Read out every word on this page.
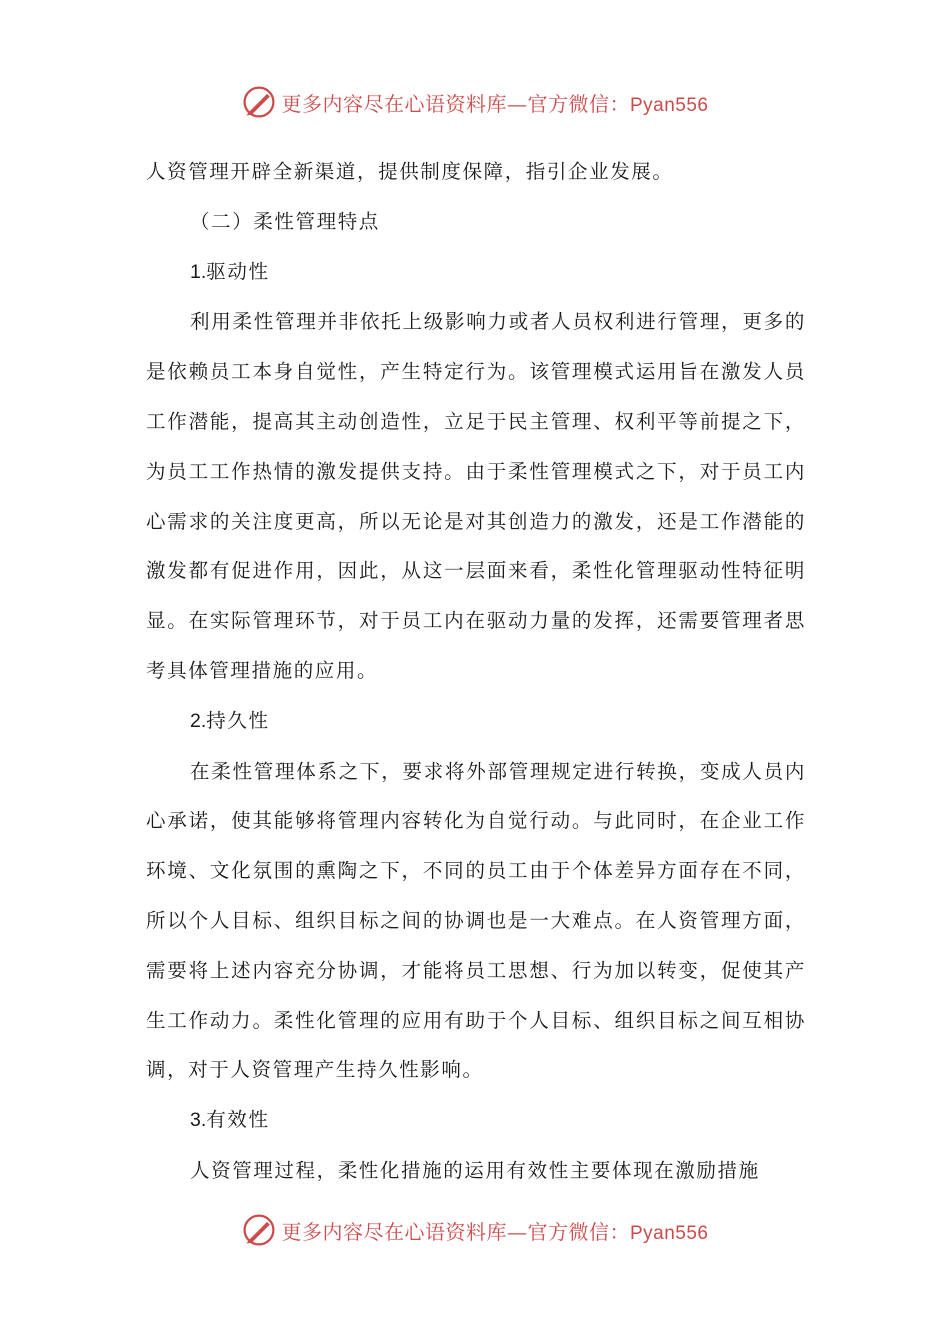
更多内容尽在心语资料库—官方微信：Pyan556

人资管理开辟全新渠道，提供制度保障，指引企业发展。

（二）柔性管理特点

1.驱动性

利用柔性管理并非依托上级影响力或者人员权利进行管理，更多的是依赖员工本身自觉性，产生特定行为。该管理模式运用旨在激发人员工作潜能，提高其主动创造性，立足于民主管理、权利平等前提之下，为员工工作热情的激发提供支持。由于柔性管理模式之下，对于员工内心需求的关注度更高，所以无论是对其创造力的激发，还是工作潜能的激发都有促进作用，因此，从这一层面来看，柔性化管理驱动性特征明显。在实际管理环节，对于员工内在驱动力量的发挥，还需要管理者思考具体管理措施的应用。

2.持久性

在柔性管理体系之下，要求将外部管理规定进行转换，变成人员内心承诺，使其能够将管理内容转化为自觉行动。与此同时，在企业工作环境、文化氛围的熏陶之下，不同的员工由于个体差异方面存在不同，所以个人目标、组织目标之间的协调也是一大难点。在人资管理方面，需要将上述内容充分协调，才能将员工思想、行为加以转变，促使其产生工作动力。柔性化管理的应用有助于个人目标、组织目标之间互相协调，对于人资管理产生持久性影响。

3.有效性

人资管理过程，柔性化措施的运用有效性主要体现在激励措施

更多内容尽在心语资料库—官方微信：Pyan556
